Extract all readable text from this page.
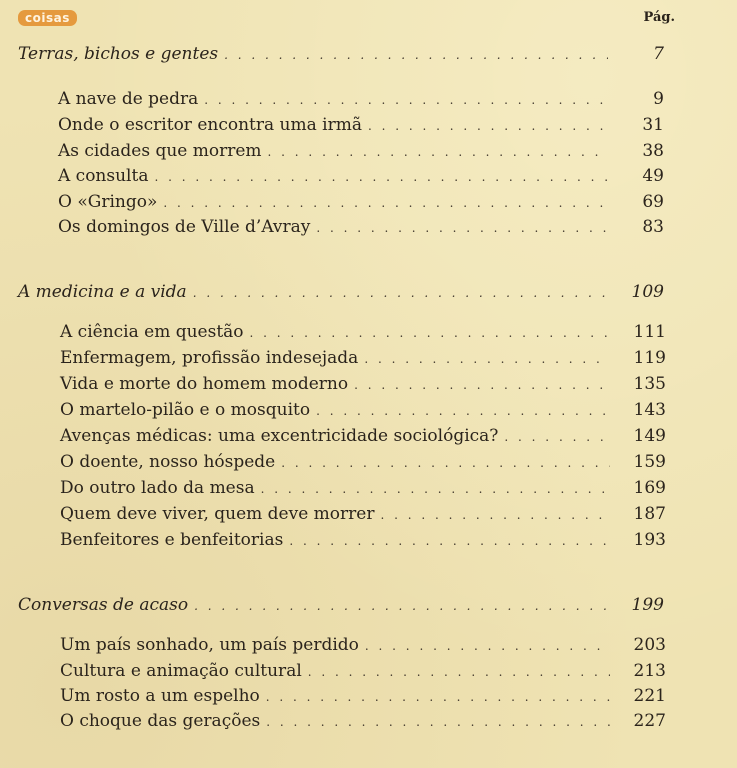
coisas	Pág.
Terras, bichos e gentes . . .	7
A nave de pedra . . .	9
Onde o escritor encontra uma irmã . . .	31
As cidades que morrem . . .	38
A consulta . . .	49
O «Gringo» . . .	69
Os domingos de Ville d’Avray . . .	83
A medicina e a vida . . .	109
A ciência em questão . . .	111
Enfermagem, profissão indesejada . . .	119
Vida e morte do homem moderno . . .	135
O martelo-pilão e o mosquito . . .	143
Avenças médicas: uma excentricidade sociológica? . . .	149
O doente, nosso hóspede . . .	159
Do outro lado da mesa . . .	169
Quem deve viver, quem deve morrer . . .	187
Benfeitores e benfeitorias . . .	193
Conversas de acaso . . .	199
Um país sonhado, um país perdido . . .	203
Cultura e animação cultural . . .	213
Um rosto a um espelho . . .	221
O choque das gerações . . .	227
